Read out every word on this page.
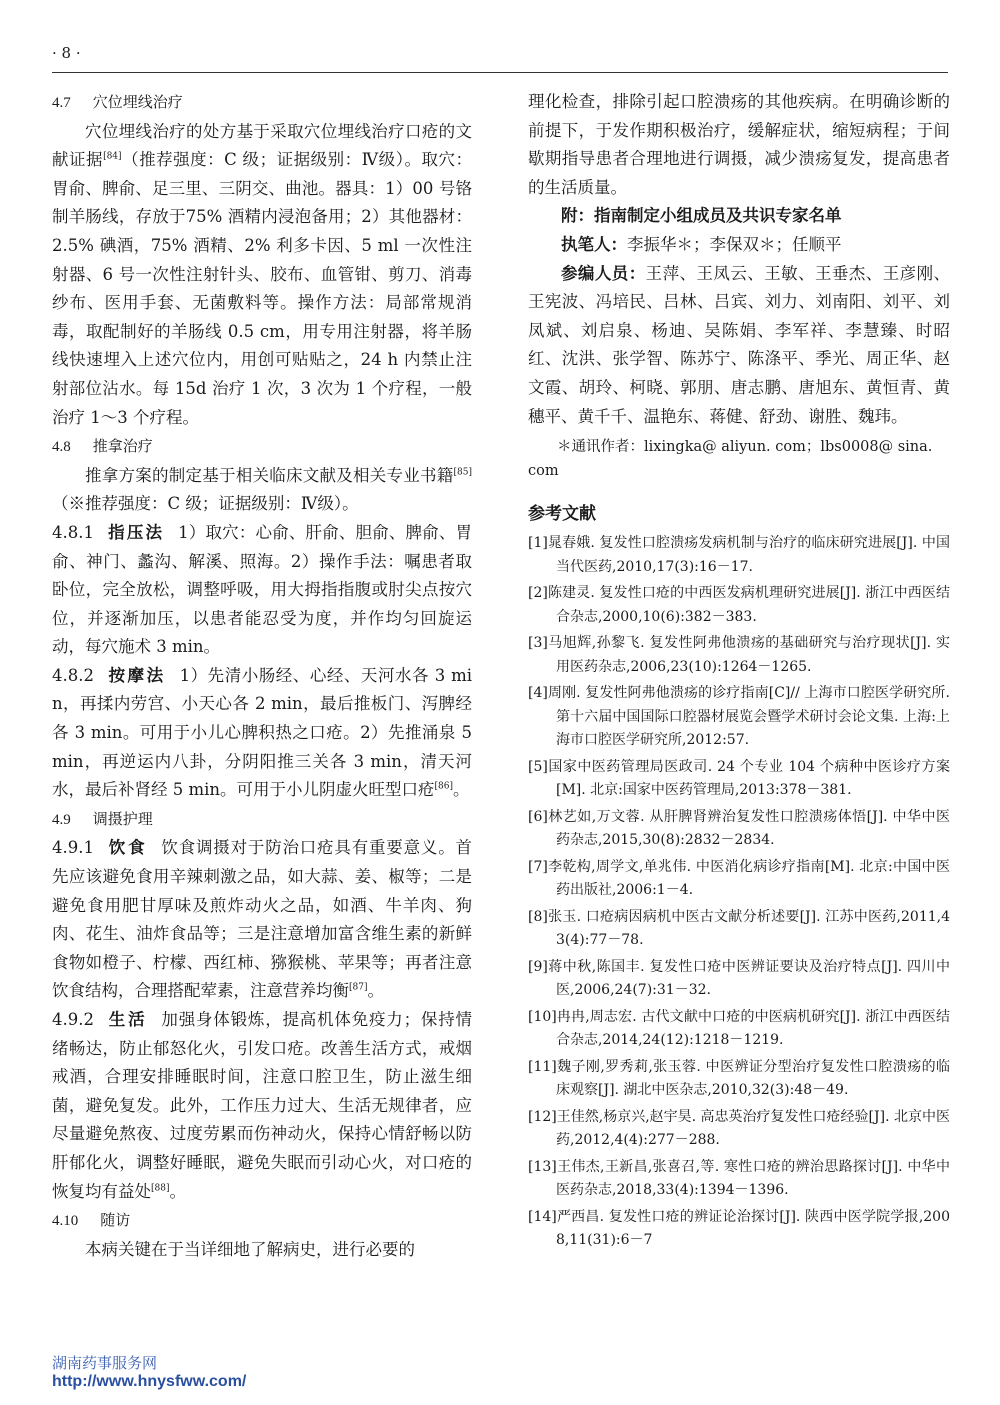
· 8 ·

4.7 穴位埋线治疗

穴位埋线治疗的处方基于采取穴位埋线治疗口疮的文献证据[84]（推荐强度：C 级；证据级别：Ⅳ级）。取穴：胃俞、脾俞、足三里、三阴交、曲池。器具：1）00 号铬制羊肠线，存放于75% 酒精内浸泡备用；2）其他器材：2.5% 碘酒，75% 酒精、2% 利多卡因、5 ml 一次性注射器、6 号一次性注射针头、胶布、血管钳、剪刀、消毒纱布、医用手套、无菌敷料等。操作方法：局部常规消毒，取配制好的羊肠线 0.5 cm，用专用注射器，将羊肠线快速埋入上述穴位内，用创可贴贴之，24 h 内禁止注射部位沾水。每 15d 治疗 1 次，3 次为 1 个疗程，一般治疗 1～3 个疗程。

4.8 推拿治疗

推拿方案的制定基于相关临床文献及相关专业书籍[85]（※推荐强度：C 级；证据级别：Ⅳ级）。

4.8.1 指压法 1）取穴：心俞、肝俞、胆俞、脾俞、胃俞、神门、蠡沟、解溪、照海。2）操作手法：嘱患者取卧位，完全放松，调整呼吸，用大拇指指腹或肘尖点按穴位，并逐渐加压，以患者能忍受为度，并作均匀回旋运动，每穴施术 3 min。

4.8.2 按摩法 1）先清小肠经、心经、天河水各 3 min，再揉内劳宫、小天心各 2 min，最后推板门、泻脾经各 3 min。可用于小儿心脾积热之口疮。2）先推涌泉 5 min，再逆运内八卦，分阴阳推三关各 3 min，清天河水，最后补肾经 5 min。可用于小儿阴虚火旺型口疮[86]。

4.9 调摄护理

4.9.1 饮食 饮食调摄对于防治口疮具有重要意义。首先应该避免食用辛辣刺激之品，如大蒜、姜、椒等；二是避免食用肥甘厚味及煎炸动火之品，如酒、牛羊肉、狗肉、花生、油炸食品等；三是注意增加富含维生素的新鲜食物如橙子、柠檬、西红柿、猕猴桃、苹果等；再者注意饮食结构，合理搭配荤素，注意营养均衡[87]。

4.9.2 生活 加强身体锻炼，提高机体免疫力；保持情绪畅达，防止郁怒化火，引发口疮。改善生活方式，戒烟戒酒，合理安排睡眠时间，注意口腔卫生，防止滋生细菌，避免复发。此外，工作压力过大、生活无规律者，应尽量避免熬夜、过度劳累而伤神动火，保持心情舒畅以防肝郁化火，调整好睡眠，避免失眠而引动心火，对口疮的恢复均有益处[88]。

4.10 随访

本病关键在于当详细地了解病史，进行必要的

理化检查，排除引起口腔溃疡的其他疾病。在明确诊断的前提下，于发作期积极治疗，缓解症状，缩短病程；于间歇期指导患者合理地进行调摄，减少溃疡复发，提高患者的生活质量。

附：指南制定小组成员及共识专家名单

执笔人：李振华＊；李保双＊；任顺平

参编人员：王萍、王凤云、王敏、王垂杰、王彦刚、王宪波、冯培民、吕林、吕宾、刘力、刘南阳、刘平、刘凤斌、刘启泉、杨迪、吴陈娟、李军祥、李慧臻、时昭红、沈洪、张学智、陈苏宁、陈涤平、季光、周正华、赵文霞、胡玲、柯晓、郭朋、唐志鹏、唐旭东、黄恒青、黄穗平、黄千千、温艳东、蒋健、舒劲、谢胜、魏玮。

＊通讯作者：lixingka@ aliyun. com；lbs0008@ sina. com

参考文献

[1]晁春娥. 复发性口腔溃疡发病机制与治疗的临床研究进展[J]. 中国当代医药,2010,17(3):16－17.

[2]陈建灵. 复发性口疮的中西医发病机理研究进展[J]. 浙江中西医结合杂志,2000,10(6):382－383.

[3]马旭辉,孙黎飞. 复发性阿弗他溃疡的基础研究与治疗现状[J]. 实用医药杂志,2006,23(10):1264－1265.

[4]周刚. 复发性阿弗他溃疡的诊疗指南[C]// 上海市口腔医学研究所. 第十六届中国国际口腔器材展览会暨学术研讨会论文集. 上海:上海市口腔医学研究所,2012:57.

[5]国家中医药管理局医政司. 24 个专业 104 个病种中医诊疗方案[M]. 北京:国家中医药管理局,2013:378－381.

[6]林艺如,万文蓉. 从肝脾肾辨治复发性口腔溃疡体悟[J]. 中华中医药杂志,2015,30(8):2832－2834.

[7]李乾构,周学文,单兆伟. 中医消化病诊疗指南[M]. 北京:中国中医药出版社,2006:1－4.

[8]张玉. 口疮病因病机中医古文献分析述要[J]. 江苏中医药,2011,43(4):77－78.

[9]蒋中秋,陈国丰. 复发性口疮中医辨证要诀及治疗特点[J]. 四川中医,2006,24(7):31－32.

[10]冉冉,周志宏. 古代文献中口疮的中医病机研究[J]. 浙江中西医结合杂志,2014,24(12):1218－1219.

[11]魏子刚,罗秀莉,张玉蓉. 中医辨证分型治疗复发性口腔溃疡的临床观察[J]. 湖北中医杂志,2010,32(3):48－49.

[12]王佳然,杨京兴,赵宇昊. 高忠英治疗复发性口疮经验[J]. 北京中医药,2012,4(4):277－288.

[13]王伟杰,王新昌,张喜召,等. 寒性口疮的辨治思路探讨[J]. 中华中医药杂志,2018,33(4):1394－1396.

[14]严西昌. 复发性口疮的辨证论治探讨[J]. 陕西中医学院学报,2008,11(31):6－7

湖南药事服务网

http://www.hnysfww.com/
